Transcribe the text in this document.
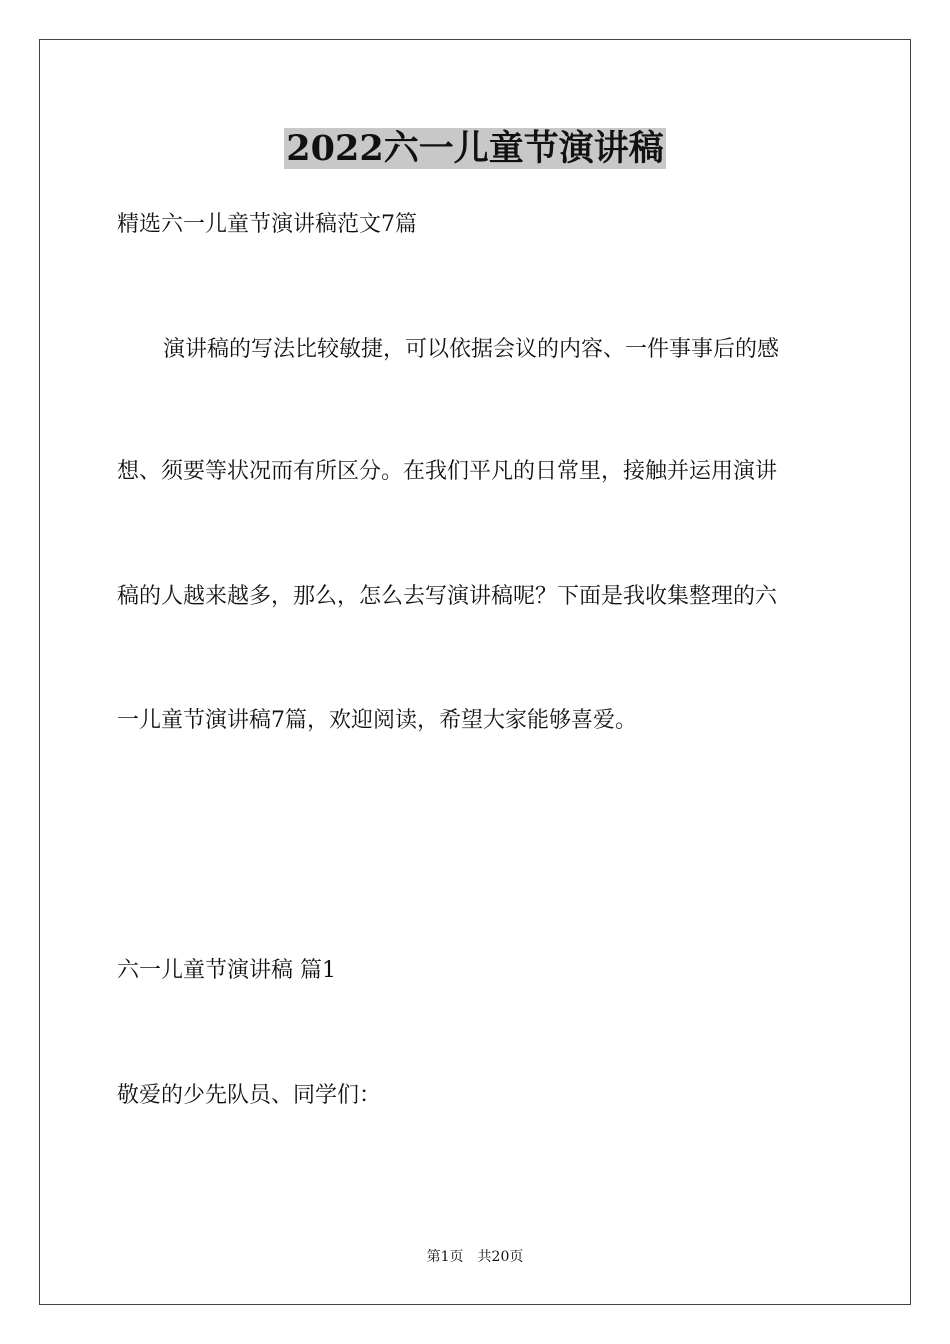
2022六一儿童节演讲稿
精选六一儿童节演讲稿范文7篇
演讲稿的写法比较敏捷，可以依据会议的内容、一件事事后的感
想、须要等状况而有所区分。在我们平凡的日常里，接触并运用演讲
稿的人越来越多，那么，怎么去写演讲稿呢？下面是我收集整理的六
一儿童节演讲稿7篇，欢迎阅读，希望大家能够喜爱。
六一儿童节演讲稿 篇1
敬爱的少先队员、同学们：
第1页 共20页
